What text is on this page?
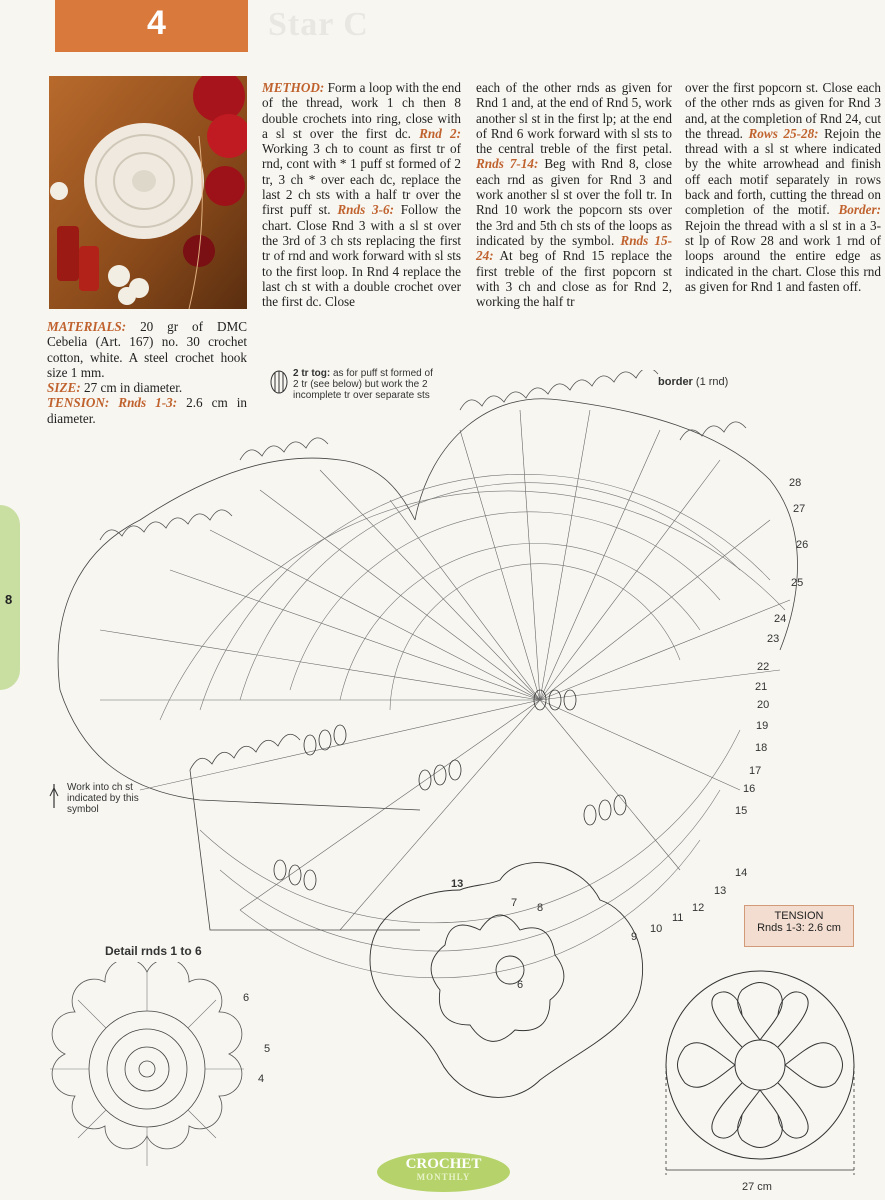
4	Star C
8
MATERIALS: 20 gr of DMC Cebelia (Art. 167) no. 30 crochet cotton, white. A steel crochet hook size 1 mm.
SIZE: 27 cm in diameter.
TENSION: Rnds 1-3: 2.6 cm in diameter.
METHOD: Form a loop with the end of the thread, work 1 ch then 8 double crochets into ring, close with a sl st over the first dc. Rnd 2: Working 3 ch to count as first tr of rnd, cont with * 1 puff st formed of 2 tr, 3 ch * over each dc, replace the last 2 ch sts with a half tr over the first puff st. Rnds 3-6: Follow the chart. Close Rnd 3 with a sl st over the 3rd of 3 ch sts replacing the first tr of rnd and work forward with sl sts to the first loop. In Rnd 4 replace the last ch st with a double crochet over the first dc. Close
each of the other rnds as given for Rnd 1 and, at the end of Rnd 5, work another sl st in the first lp; at the end of Rnd 6 work forward with sl sts to the central treble of the first petal. Rnds 7-14: Beg with Rnd 8, close each rnd as given for Rnd 3 and work another sl st over the foll tr. In Rnd 10 work the popcorn sts over the 3rd and 5th ch sts of the loops as indicated by the symbol. Rnds 15-24: At beg of Rnd 15 replace the first treble of the first popcorn st with 3 ch and close as for Rnd 2, working the half tr
over the first popcorn st. Close each of the other rnds as given for Rnd 3 and, at the completion of Rnd 24, cut the thread. Rows 25-28: Rejoin the thread with a sl st where indicated by the white arrowhead and finish off each motif separately in rows back and forth, cutting the thread on completion of the motif. Border: Rejoin the thread with a sl st in a 3-st lp of Row 28 and work 1 rnd of loops around the entire edge as indicated in the chart. Close this rnd as given for Rnd 1 and fasten off.
2 tr tog: as for puff st formed of 2 tr (see below) but work the 2 incomplete tr over separate sts
Work into ch st indicated by this symbol
border (1 rnd)
28
27
26
25
24
23
22
21
20
19
18
17
16
15
14
13
12
11
10
9
8
7
6
13
Detail rnds 1 to 6
6
5
4
TENSION
Rnds 1-3: 2.6 cm
27 cm
CROCHET
MONTHLY
